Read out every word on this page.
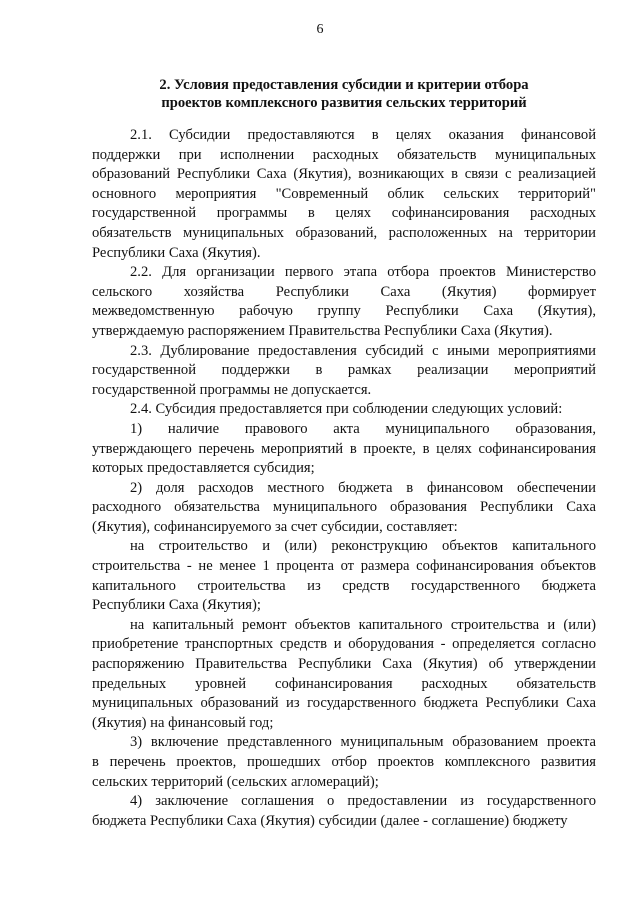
6
2. Условия предоставления субсидии и критерии отбора
проектов комплексного развития сельских территорий
2.1. Субсидии предоставляются в целях оказания финансовой
поддержки при исполнении расходных обязательств муниципальных
образований Республики Саха (Якутия), возникающих в связи с реализацией
основного мероприятия "Современный облик сельских территорий"
государственной программы в целях софинансирования расходных
обязательств муниципальных образований, расположенных на территории
Республики Саха (Якутия).
2.2. Для организации первого этапа отбора проектов Министерство
сельского хозяйства Республики Саха (Якутия) формирует
межведомственную рабочую группу Республики Саха (Якутия),
утверждаемую распоряжением Правительства Республики Саха (Якутия).
2.3. Дублирование предоставления субсидий с иными мероприятиями
государственной поддержки в рамках реализации мероприятий
государственной программы не допускается.
2.4. Субсидия предоставляется при соблюдении следующих условий:
1) наличие правового акта муниципального образования,
утверждающего перечень мероприятий в проекте, в целях софинансирования
которых предоставляется субсидия;
2) доля расходов местного бюджета в финансовом обеспечении
расходного обязательства муниципального образования Республики Саха
(Якутия), софинансируемого за счет субсидии, составляет:
на строительство и (или) реконструкцию объектов капитального
строительства - не менее 1 процента от размера софинансирования объектов
капитального строительства из средств государственного бюджета
Республики Саха (Якутия);
на капитальный ремонт объектов капитального строительства и (или)
приобретение транспортных средств и оборудования - определяется согласно
распоряжению Правительства Республики Саха (Якутия) об утверждении
предельных уровней софинансирования расходных обязательств
муниципальных образований из государственного бюджета Республики Саха
(Якутия) на финансовый год;
3) включение представленного муниципальным образованием проекта
в перечень проектов, прошедших отбор проектов комплексного развития
сельских территорий (сельских агломераций);
4) заключение соглашения о предоставлении из государственного
бюджета Республики Саха (Якутия) субсидии (далее - соглашение) бюджету
